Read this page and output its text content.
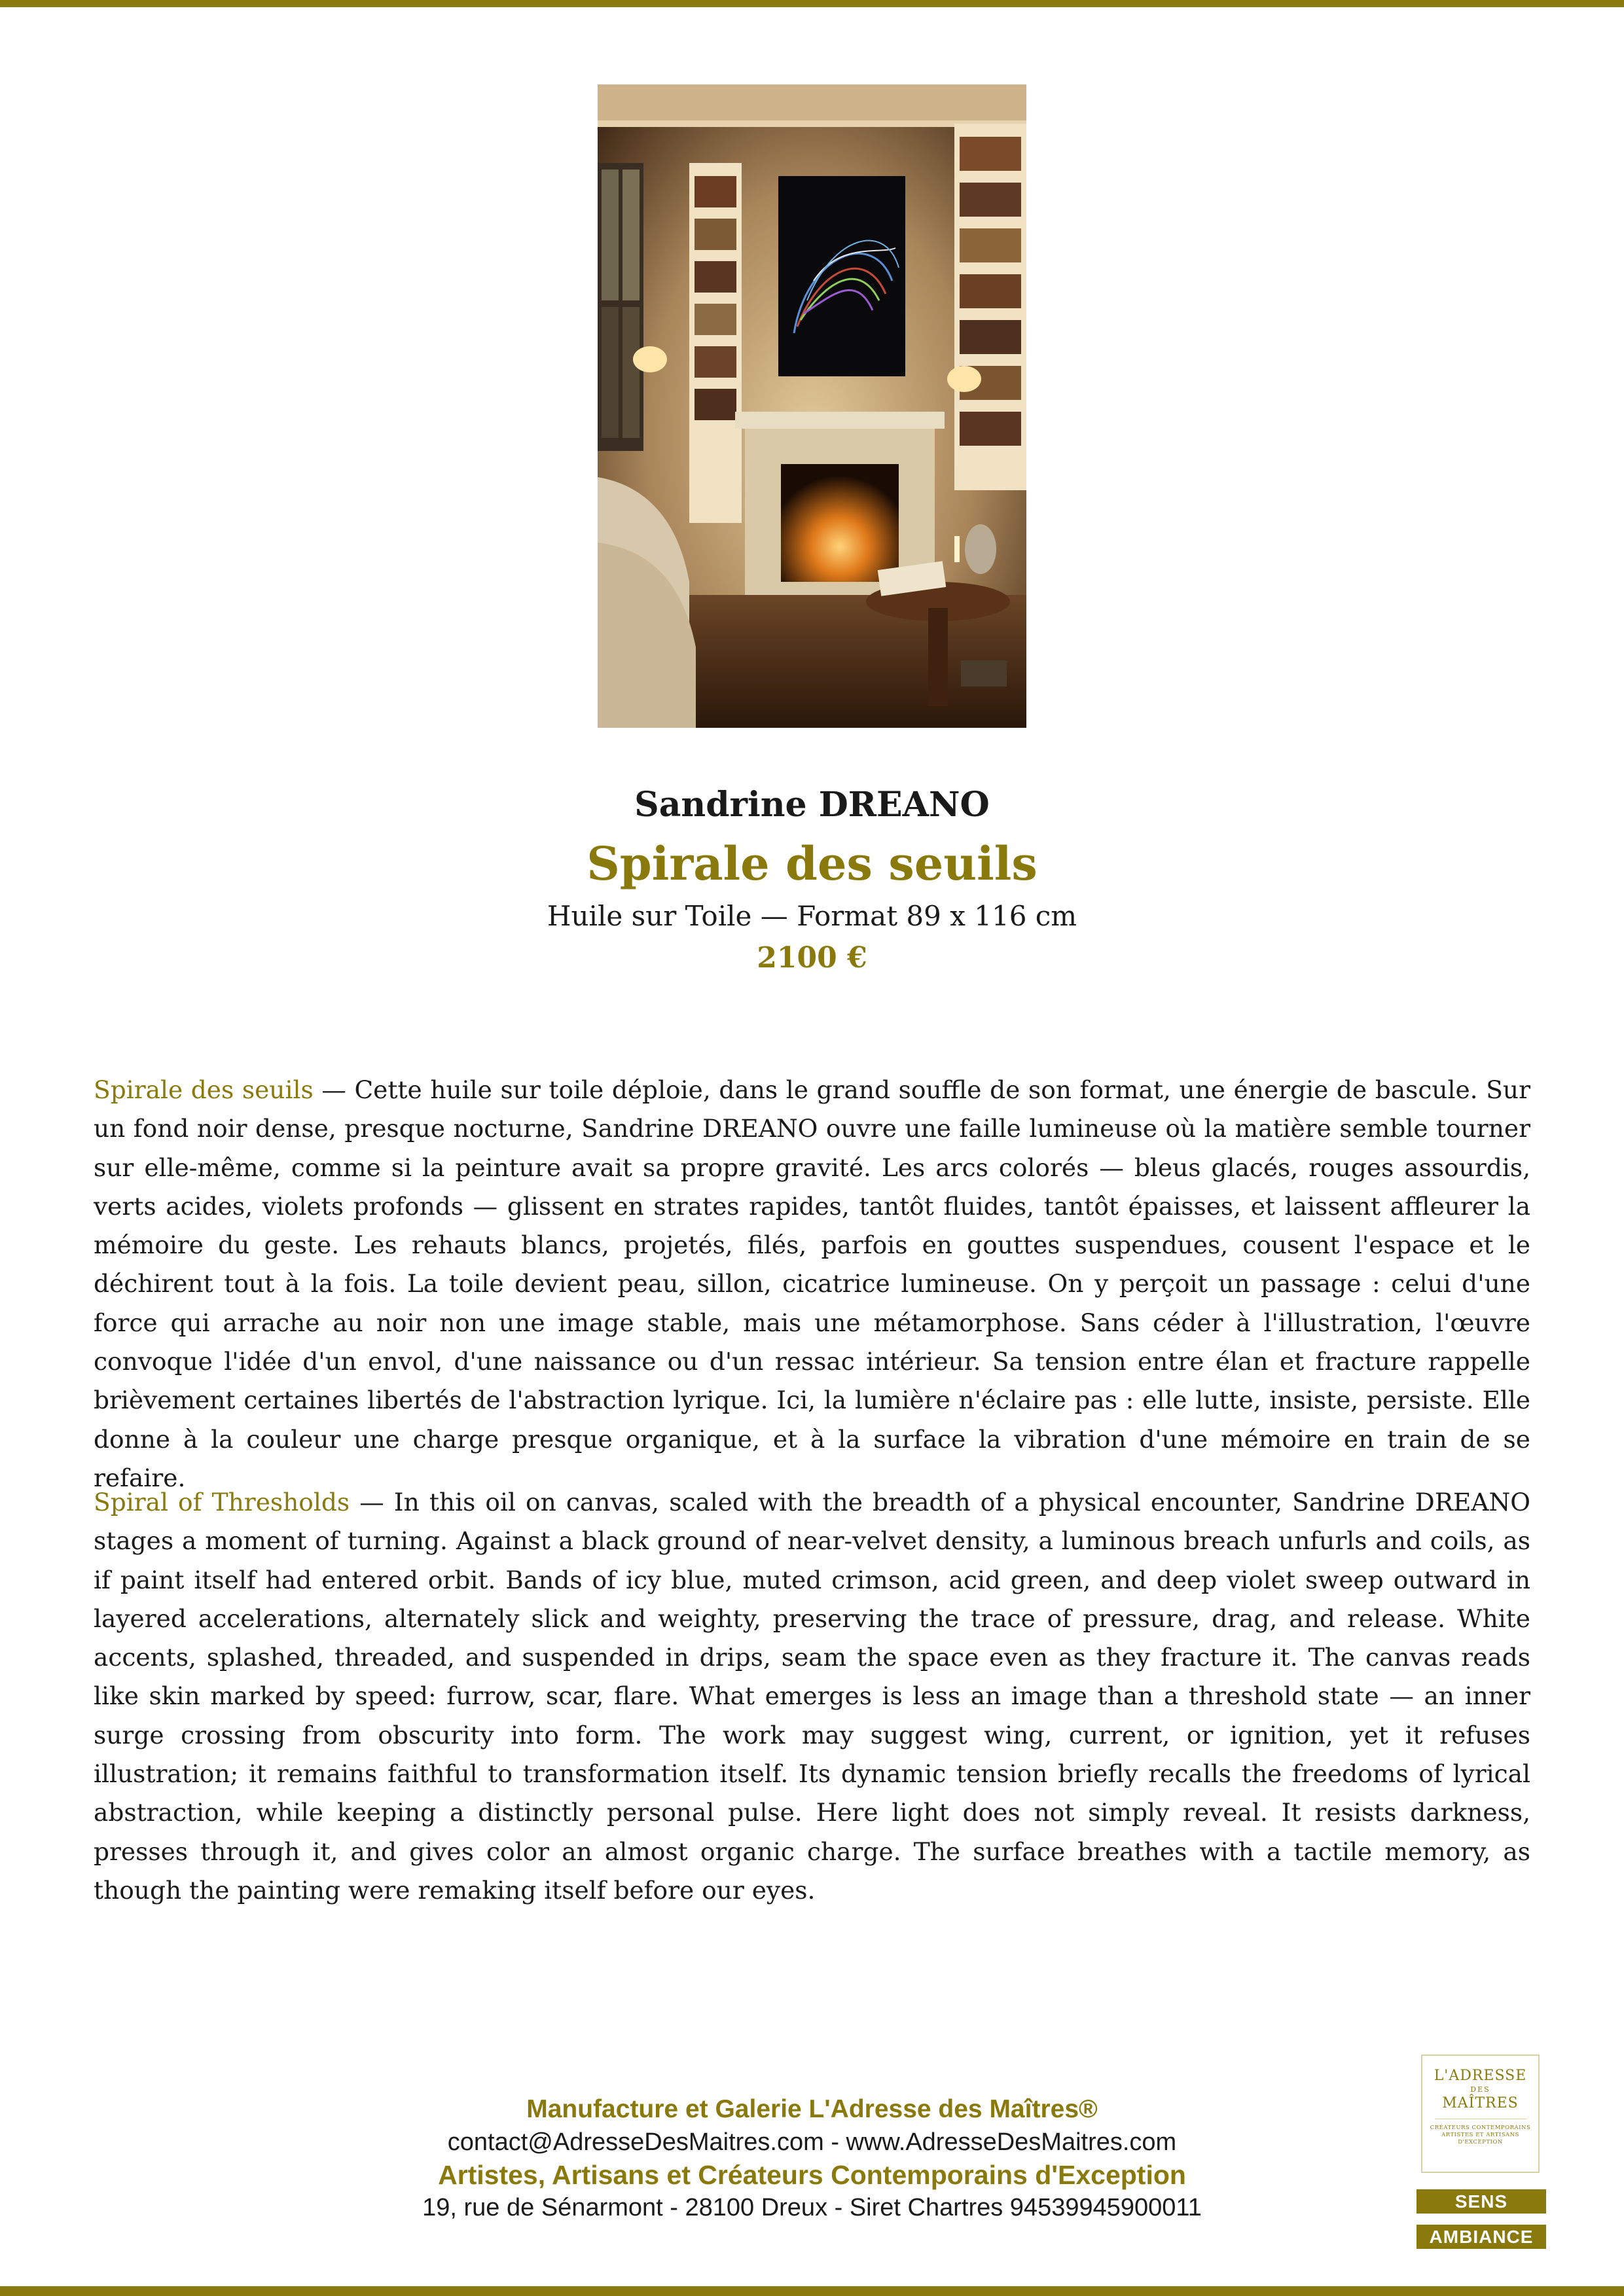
Sandrine DREANO
Spirale des seuils
Huile sur Toile — Format 89 x 116 cm
2100 €

Spirale des seuils — Cette huile sur toile déploie, dans le grand souffle de son format, une énergie de bascule. Sur un fond noir dense, presque nocturne, Sandrine DREANO ouvre une faille lumineuse où la matière semble tourner sur elle-même, comme si la peinture avait sa propre gravité. Les arcs colorés — bleus glacés, rouges assourdis, verts acides, violets profonds — glissent en strates rapides, tantôt fluides, tantôt épaisses, et laissent affleurer la mémoire du geste. Les rehauts blancs, projetés, filés, parfois en gouttes suspendues, cousent l'espace et le déchirent tout à la fois. La toile devient peau, sillon, cicatrice lumineuse. On y perçoit un passage : celui d'une force qui arrache au noir non une image stable, mais une métamorphose. Sans céder à l'illustration, l'œuvre convoque l'idée d'un envol, d'une naissance ou d'un ressac intérieur. Sa tension entre élan et fracture rappelle brièvement certaines libertés de l'abstraction lyrique. Ici, la lumière n'éclaire pas : elle lutte, insiste, persiste. Elle donne à la couleur une charge presque organique, et à la surface la vibration d'une mémoire en train de se refaire.

Spiral of Thresholds — In this oil on canvas, scaled with the breadth of a physical encounter, Sandrine DREANO stages a moment of turning. Against a black ground of near-velvet density, a luminous breach unfurls and coils, as if paint itself had entered orbit. Bands of icy blue, muted crimson, acid green, and deep violet sweep outward in layered accelerations, alternately slick and weighty, preserving the trace of pressure, drag, and release. White accents, splashed, threaded, and suspended in drips, seam the space even as they fracture it. The canvas reads like skin marked by speed: furrow, scar, flare. What emerges is less an image than a threshold state — an inner surge crossing from obscurity into form. The work may suggest wing, current, or ignition, yet it refuses illustration; it remains faithful to transformation itself. Its dynamic tension briefly recalls the freedoms of lyrical abstraction, while keeping a distinctly personal pulse. Here light does not simply reveal. It resists darkness, presses through it, and gives color an almost organic charge. The surface breathes with a tactile memory, as though the painting were remaking itself before our eyes.

Manufacture et Galerie L'Adresse des Maîtres®
contact@AdresseDesMaitres.com - www.AdresseDesMaitres.com
Artistes, Artisans et Créateurs Contemporains d'Exception
19, rue de Sénarmont - 28100 Dreux - Siret Chartres 94539945900011
L'ADRESSE
DES
MAÎTRES
CRÉATEURS CONTEMPORAINS
ARTISTES ET ARTISANS
D'EXCEPTION
SENS
AMBIANCE
